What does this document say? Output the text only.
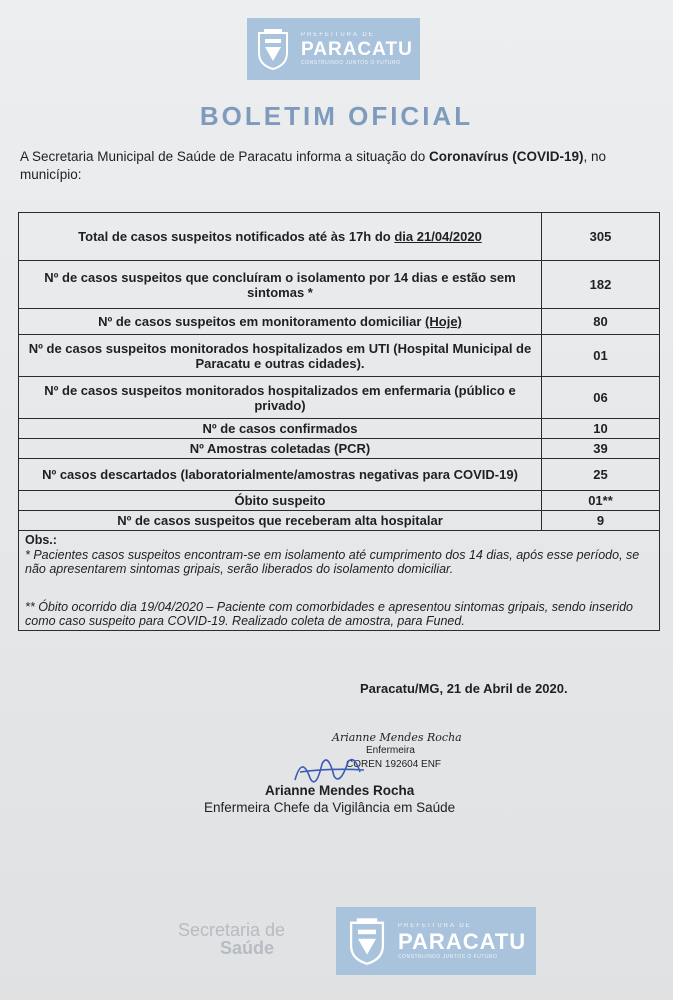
PREFEITURA DE
PARACATU
CONSTRUINDO JUNTOS O FUTURO
BOLETIM OFICIAL
A Secretaria Municipal de Saúde de Paracatu informa a situação do Coronavírus (COVID-19), no município:
Total de casos suspeitos notificados até às 17h do dia 21/04/2020	305
Nº de casos suspeitos que concluíram o isolamento por 14 dias e estão sem sintomas *	182
Nº de casos suspeitos em monitoramento domiciliar (Hoje)	80
Nº de casos suspeitos monitorados hospitalizados em UTI (Hospital Municipal de Paracatu e outras cidades).	01
Nº de casos suspeitos monitorados hospitalizados em enfermaria (público e privado)	06
Nº de casos confirmados	10
Nº Amostras coletadas (PCR)	39
Nº casos descartados (laboratorialmente/amostras negativas para COVID-19)	25
Óbito suspeito	01**
Nº de casos suspeitos que receberam alta hospitalar	9

Obs.:

* Pacientes casos suspeitos encontram-se em isolamento até cumprimento dos 14 dias, após esse período, se não apresentarem sintomas gripais, serão liberados do isolamento domiciliar.

** Óbito ocorrido dia 19/04/2020 – Paciente com comorbidades e apresentou sintomas gripais, sendo inserido como caso suspeito para COVID-19. Realizado coleta de amostra, para Funed.	

Paracatu/MG, 21 de Abril de 2020.
Arianne Mendes Rocha
Enfermeira
COREN 192604 ENF
Arianne Mendes Rocha
Enfermeira Chefe da Vigilância em Saúde
Secretaria de
Saúde
PREFEITURA DE
PARACATU
CONSTRUINDO JUNTOS O FUTURO
